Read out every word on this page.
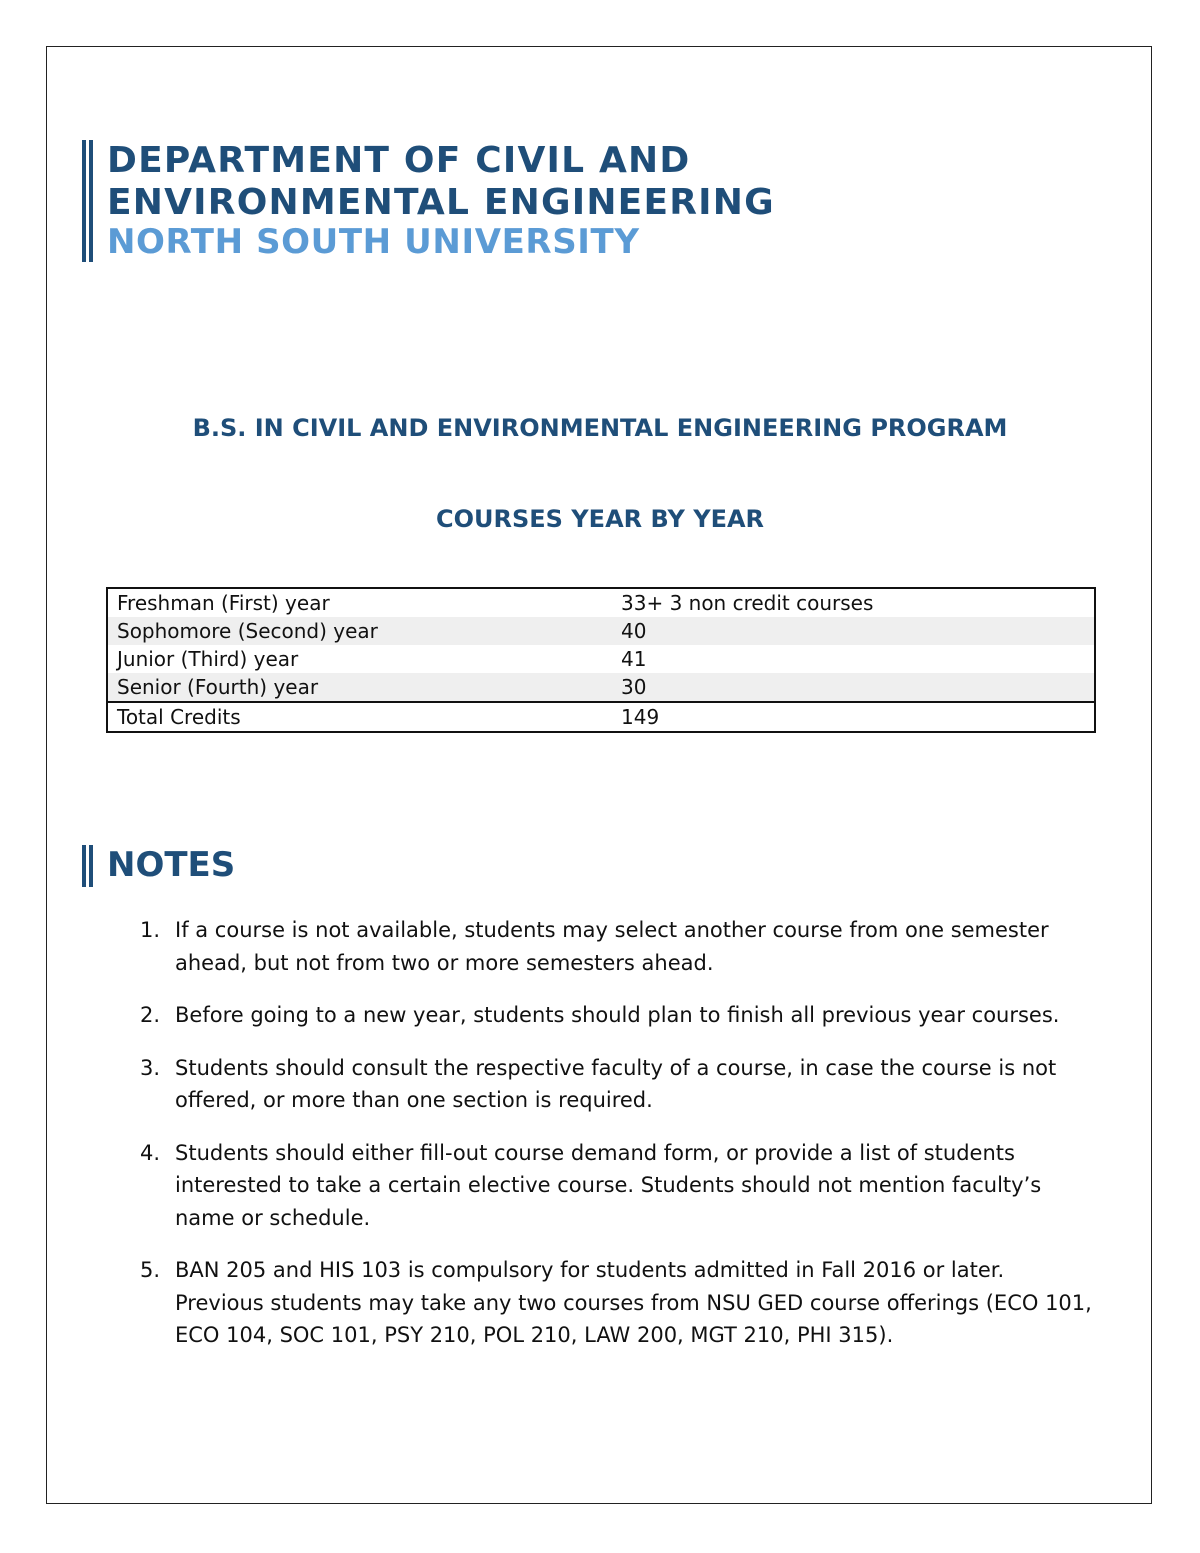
DEPARTMENT OF CIVIL AND
ENVIRONMENTAL ENGINEERING
NORTH SOUTH UNIVERSITY
B.S. IN CIVIL AND ENVIRONMENTAL ENGINEERING PROGRAM
COURSES YEAR BY YEAR
Freshman (First) year	33+ 3 non credit courses
Sophomore (Second) year	40
Junior (Third) year	41
Senior (Fourth) year	30
Total Credits	149
NOTES
1. If a course is not available, students may select another course from one semester ahead, but not from two or more semesters ahead.
2. Before going to a new year, students should plan to finish all previous year courses.
3. Students should consult the respective faculty of a course, in case the course is not offered, or more than one section is required.
4. Students should either fill-out course demand form, or provide a list of students interested to take a certain elective course. Students should not mention faculty’s name or schedule.
5. BAN 205 and HIS 103 is compulsory for students admitted in Fall 2016 or later. Previous students may take any two courses from NSU GED course offerings (ECO 101, ECO 104, SOC 101, PSY 210, POL 210, LAW 200, MGT 210, PHI 315).
